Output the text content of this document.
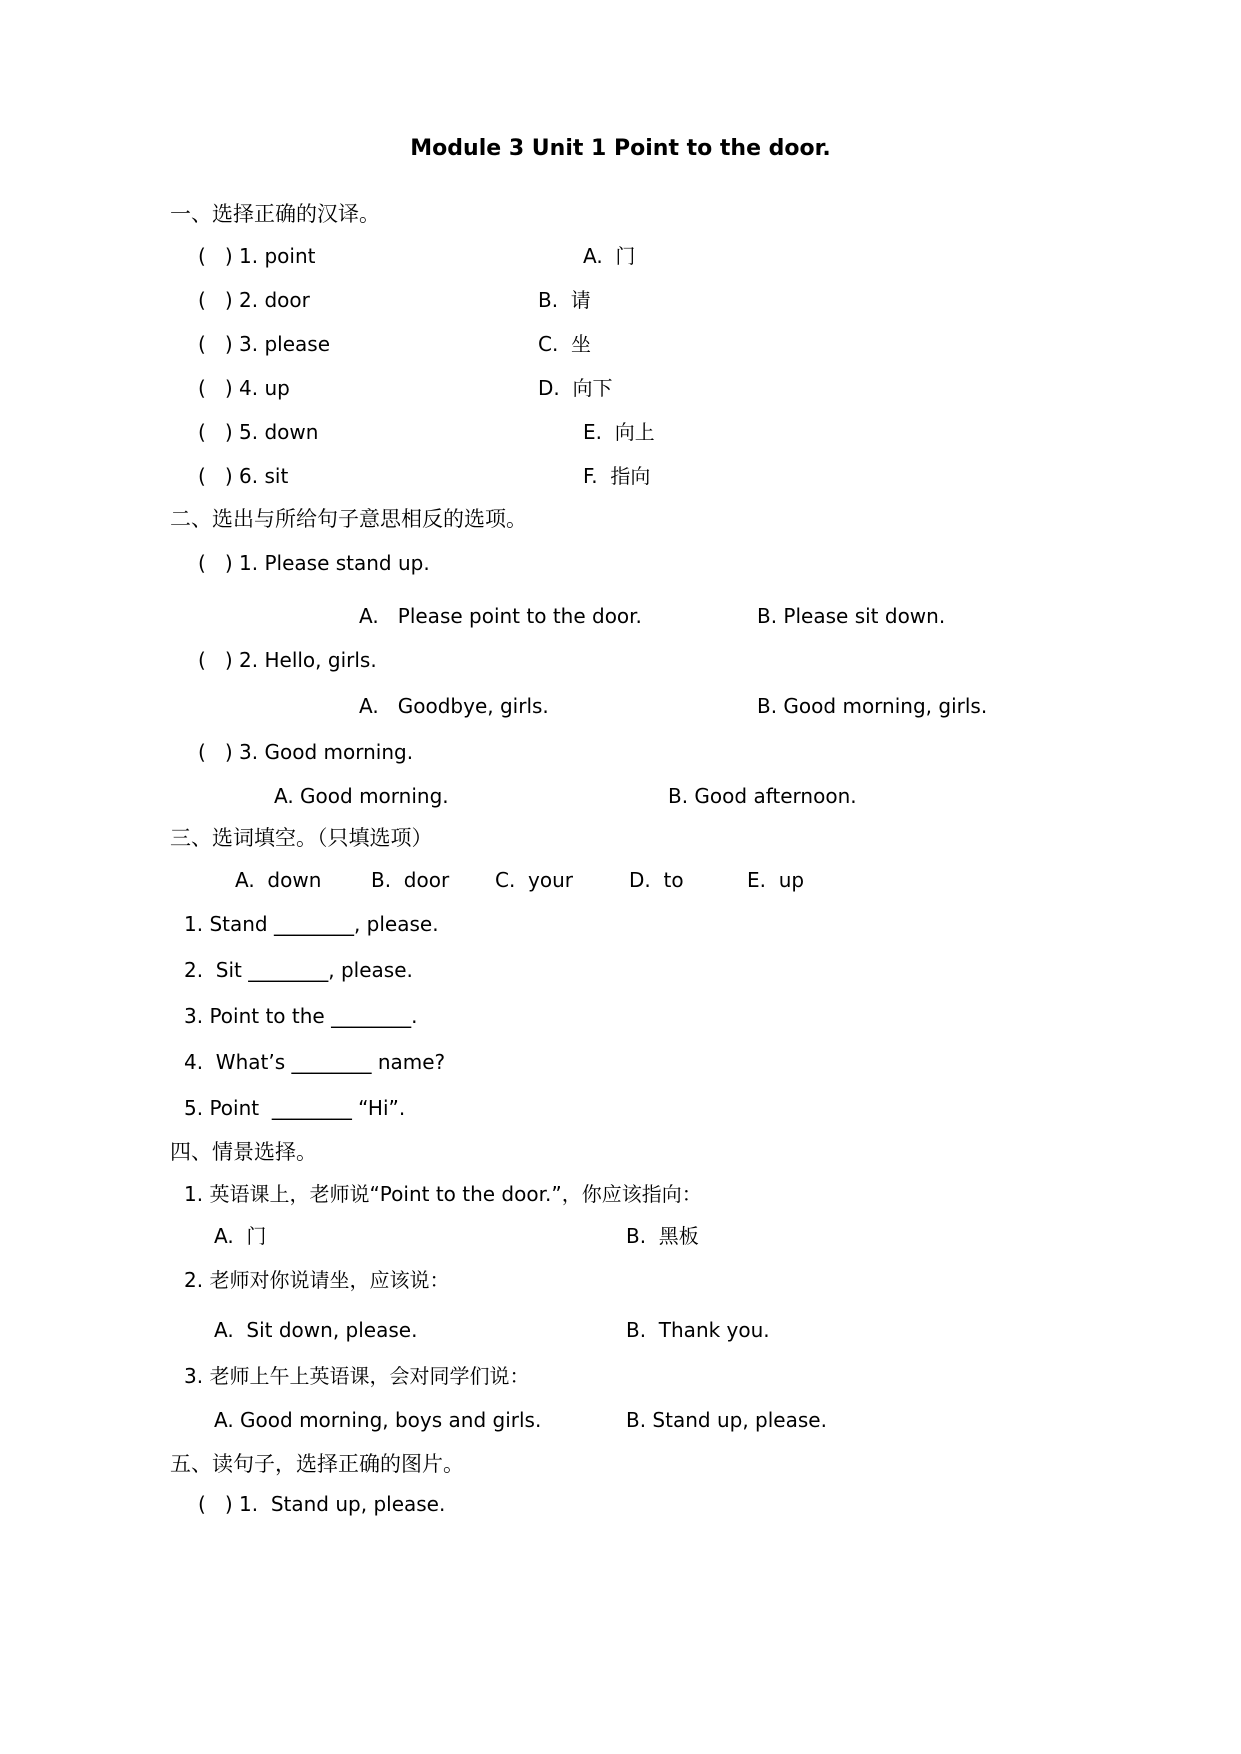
Module 3 Unit 1 Point to the door.
一、选择正确的汉译。
(   ) 1. point	A.  门
(   ) 2. door	B.  请
(   ) 3. please	C.  坐
(   ) 4. up	D.  向下
(   ) 5. down	E.  向上
(   ) 6. sit	F.  指向
二、选出与所给句子意思相反的选项。
(   ) 1. Please stand up.
A.   Please point to the door.	B. Please sit down.
(   ) 2. Hello, girls.
A.   Goodbye, girls.	B. Good morning, girls.
(   ) 3. Good morning.
A. Good morning.	B. Good afternoon.
三、选词填空。（只填选项）
A.  down B.  door C.  your	D.  to	E.  up
1. Stand ________, please.
2.  Sit ________, please.
3. Point to the ________.
4.  What’s ________ name?
5. Point  ________ “Hi”.
四、情景选择。
1. 英语课上，老师说“Point to the door.”，你应该指向：
A.  门	B.  黑板
2. 老师对你说请坐，应该说：
A.  Sit down, please.	B.  Thank you.
3. 老师上午上英语课，会对同学们说：
A. Good morning, boys and girls.	B. Stand up, please.
五、读句子，选择正确的图片。
(   ) 1.  Stand up, please.
